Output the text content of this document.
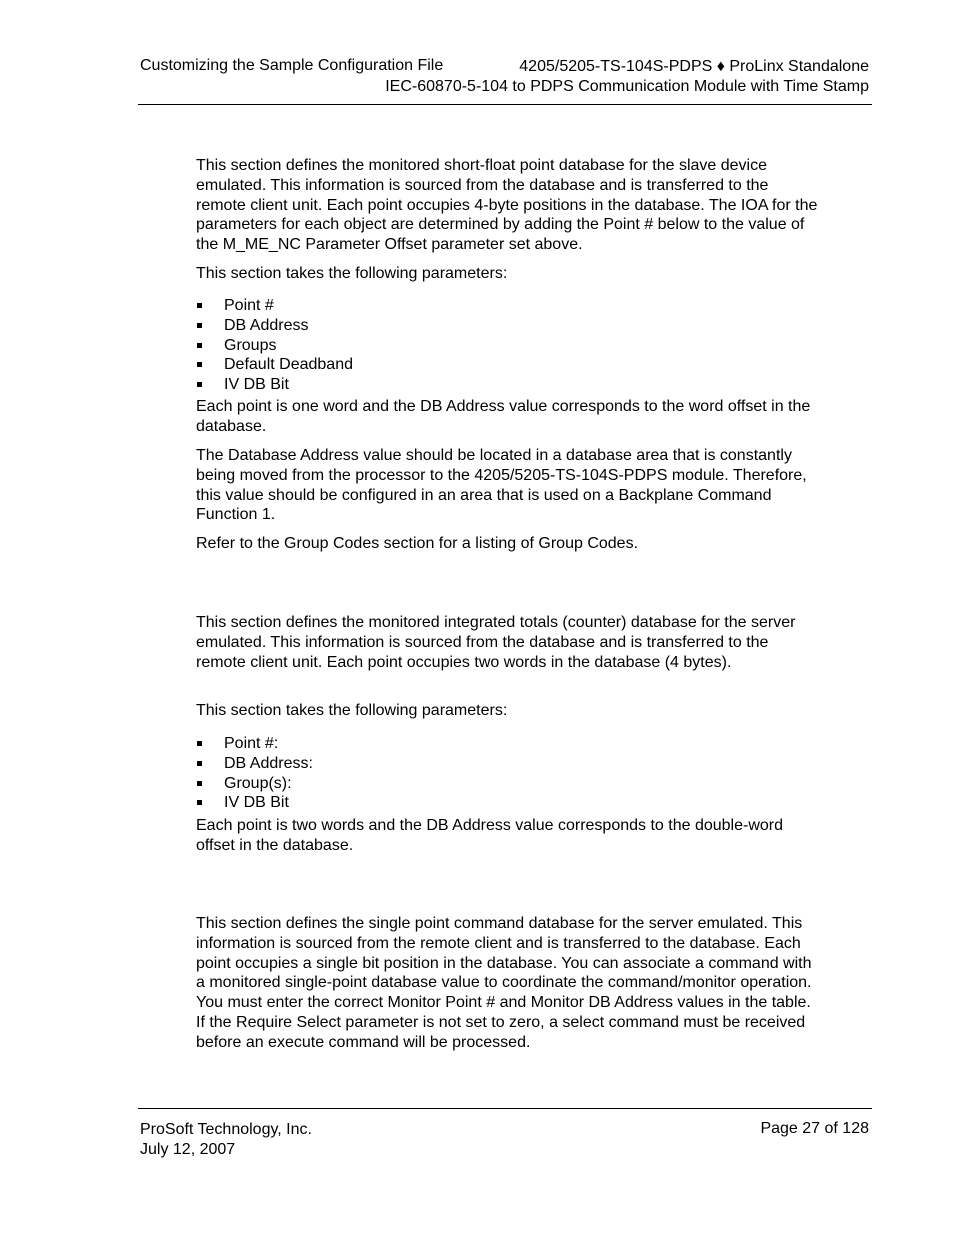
Customizing the Sample Configuration File	4205/5205-TS-104S-PDPS ♦ ProLinx Standalone
IEC-60870-5-104 to PDPS Communication Module with Time Stamp

This section defines the monitored short-float point database for the slave device emulated. This information is sourced from the database and is transferred to the remote client unit. Each point occupies 4-byte positions in the database. The IOA for the parameters for each object are determined by adding the Point # below to the value of the M_ME_NC Parameter Offset parameter set above.

This section takes the following parameters:

Point #
DB Address
Groups
Default Deadband
IV DB Bit

Each point is one word and the DB Address value corresponds to the word offset in the database.

The Database Address value should be located in a database area that is constantly being moved from the processor to the 4205/5205-TS-104S-PDPS module. Therefore, this value should be configured in an area that is used on a Backplane Command Function 1.

Refer to the Group Codes section for a listing of Group Codes.

This section defines the monitored integrated totals (counter) database for the server emulated. This information is sourced from the database and is transferred to the remote client unit. Each point occupies two words in the database (4 bytes).

This section takes the following parameters:

Point #:
DB Address:
Group(s):
IV DB Bit

Each point is two words and the DB Address value corresponds to the double-word offset in the database.

This section defines the single point command database for the server emulated. This information is sourced from the remote client and is transferred to the database. Each point occupies a single bit position in the database. You can associate a command with a monitored single-point database value to coordinate the command/monitor operation. You must enter the correct Monitor Point # and Monitor DB Address values in the table. If the Require Select parameter is not set to zero, a select command must be received before an execute command will be processed.

ProSoft Technology, Inc.
July 12, 2007
Page 27 of 128
